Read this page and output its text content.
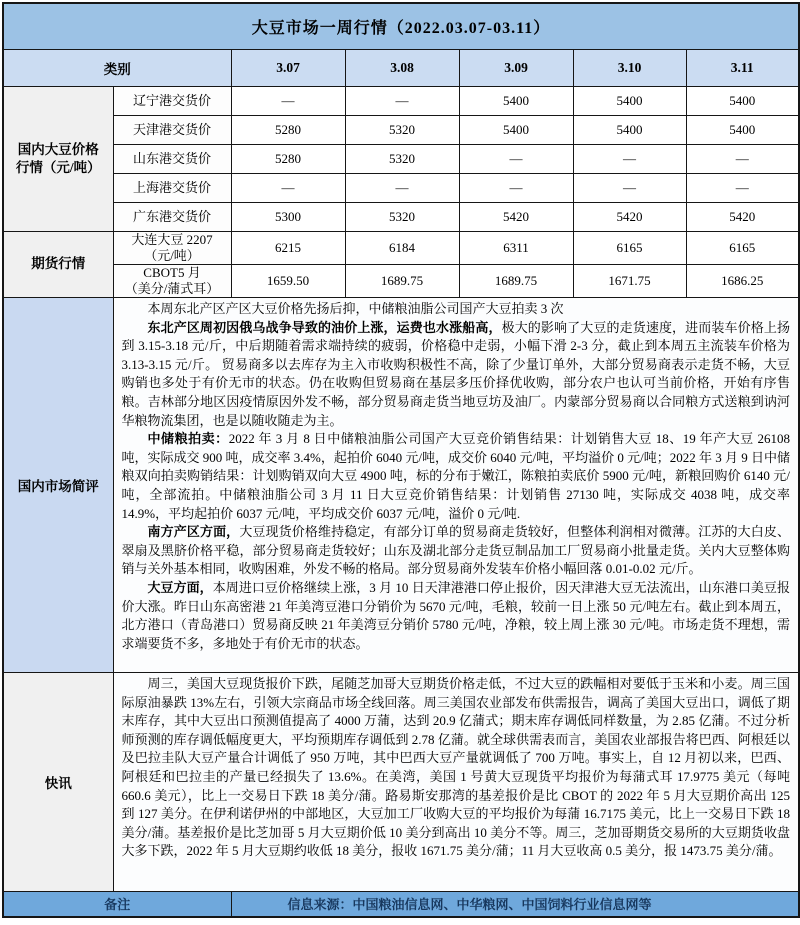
大豆市场一周行情（2022.03.07-03.11）						
类别		3.07	3.08	3.09	3.10	3.11

国内大豆价格
行情（元/吨）	辽宁港交货价	—	—	5400	5400	5400
	天津港交货价	5280	5320	5400	5400	5400
	山东港交货价	5280	5320	—	—	—
	上海港交货价	—	—	—	—	—
	广东港交货价	5300	5320	5420	5420	5420
期货行情	大连大豆 2207
（元/吨）	6215	6184	6311	6165	6165

	CBOT5 月
（美分/蒲式耳）	1659.50	1689.75	1689.75	1671.75	1686.25
国内市场简评	本周东北产区产区大豆价格先扬后抑，中储粮油脂公司国产大豆拍卖 3 次

东北产区周初因俄乌战争导致的油价上涨，运费也水涨船高，极大的影响了大豆的走货速度，进而装车价格上扬到 3.15-3.18 元/斤，中后期随着需求端持续的疲弱，价格稳中走弱，小幅下滑 2-3 分，截止到本周五主流装车价格为 3.13-3.15 元/斤。 贸易商多以去库存为主入市收购积极性不高，除了少量订单外，大部分贸易商表示走货不畅，大豆购销也多处于有价无市的状态。仍在收购但贸易商在基层多压价择优收购，部分农户也认可当前价格，开始有序售粮。吉林部分地区因疫情原因外发不畅，部分贸易商走货当地豆坊及油厂。内蒙部分贸易商以合同粮方式送粮到讷河华粮物流集团，也是以随收随走为主。

中储粮拍卖：2022 年 3 月 8 日中储粮油脂公司国产大豆竞价销售结果：计划销售大豆 18、19 年产大豆 26108 吨，实际成交 900 吨，成交率 3.4%，起拍价 6040 元/吨，成交价 6040 元/吨，平均溢价 0 元/吨；2022 年 3 月 9 日中储粮双向拍卖购销结果：计划购销双向大豆 4900 吨，标的分布于嫩江，陈粮拍卖底价 5900 元/吨，新粮回购价 6140 元/吨，全部流拍。中储粮油脂公司 3 月 11 日大豆竞价销售结果：计划销售 27130 吨，实际成交 4038 吨，成交率 14.9%，平均起拍价 6037 元/吨，平均成交价 6037 元/吨，溢价 0 元/吨.

南方产区方面，大豆现货价格维持稳定，有部分订单的贸易商走货较好，但整体利润相对微薄。江苏的大白皮、翠扇及黑脐价格平稳，部分贸易商走货较好；山东及湖北部分走货豆制品加工厂贸易商小批量走货。关内大豆整体购销与关外基本相同，收购困难，外发不畅的格局。部分贸易商外发装车价格小幅回落 0.01-0.02 元/斤。

大豆方面，本周进口豆价格继续上涨，3 月 10 日天津港港口停止报价，因天津港大豆无法流出，山东港口美豆报价大涨。昨日山东高密港 21 年美湾豆港口分销价为 5670 元/吨，毛粮，较前一日上涨 50 元/吨左右。截止到本周五，北方港口（青岛港口）贸易商反映 21 年美湾豆分销价 5780 元/吨，净粮，较上周上涨 30 元/吨。市场走货不理想，需求端要货不多，多地处于有价无市的状态。					

快讯	周三，美国大豆现货报价下跌，尾随芝加哥大豆期货价格走低，不过大豆的跌幅相对要低于玉米和小麦。周三国际原油暴跌 13%左右，引领大宗商品市场全线回落。周三美国农业部发布供需报告，调高了美国大豆出口，调低了期末库存，其中大豆出口预测值提高了 4000 万蒲，达到 20.9 亿蒲式；期末库存调低同样数量，为 2.85 亿蒲。不过分析师预测的库存调低幅度更大，平均预期库存调低到 2.78 亿蒲。就全球供需表而言，美国农业部报告将巴西、阿根廷以及巴拉圭队大豆产量合计调低了 950 万吨，其中巴西大豆产量就调低了 700 万吨。事实上，自 12 月初以来，巴西、阿根廷和巴拉圭的产量已经损失了 13.6%。在美湾，美国 1 号黄大豆现货平均报价为每蒲式耳 17.9775 美元（每吨 660.6 美元），比上一交易日下跌 18 美分/蒲。路易斯安那湾的基差报价是比 CBOT 的 2022 年 5 月大豆期价高出 125 到 127 美分。在伊利诺伊州的中部地区，大豆加工厂收购大豆的平均报价为每蒲 16.7175 美元，比上一交易日下跌 18 美分/蒲。基差报价是比芝加哥 5 月大豆期价低 10 美分到高出 10 美分不等。周三，芝加哥期货交易所的大豆期货收盘大多下跌，2022 年 5 月大豆期约收低 18 美分，报收 1671.75 美分/蒲；11 月大豆收高 0.5 美分，报 1473.75 美分/蒲。					

备注		信息来源：中国粮油信息网、中华粮网、中国饲料行业信息网等				
